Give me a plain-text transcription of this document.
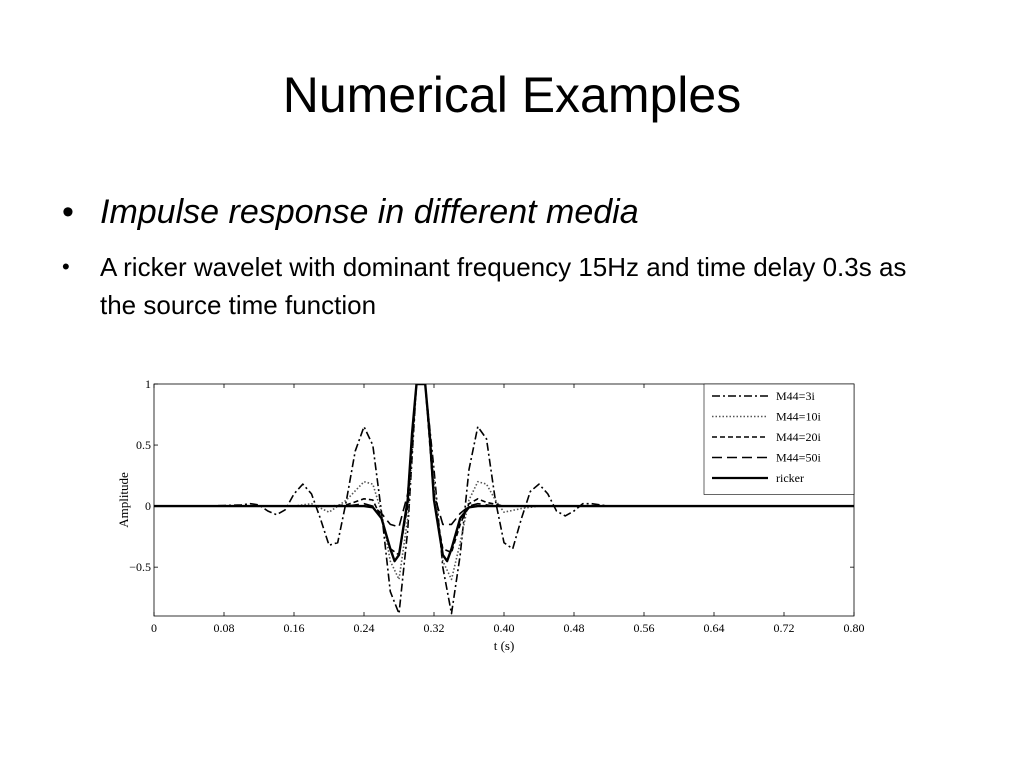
Numerical Examples
• Impulse response in different media
• A ricker wavelet with dominant frequency 15Hz and time delay 0.3s as the source time function
0	0.08	0.16	0.24	0.32	0.40	0.48	0.56	0.64	0.72	0.80
1
0.5
0
−0.5
t (s)
Amplitude
M44=3i
M44=10i
M44=20i
M44=50i
ricker
